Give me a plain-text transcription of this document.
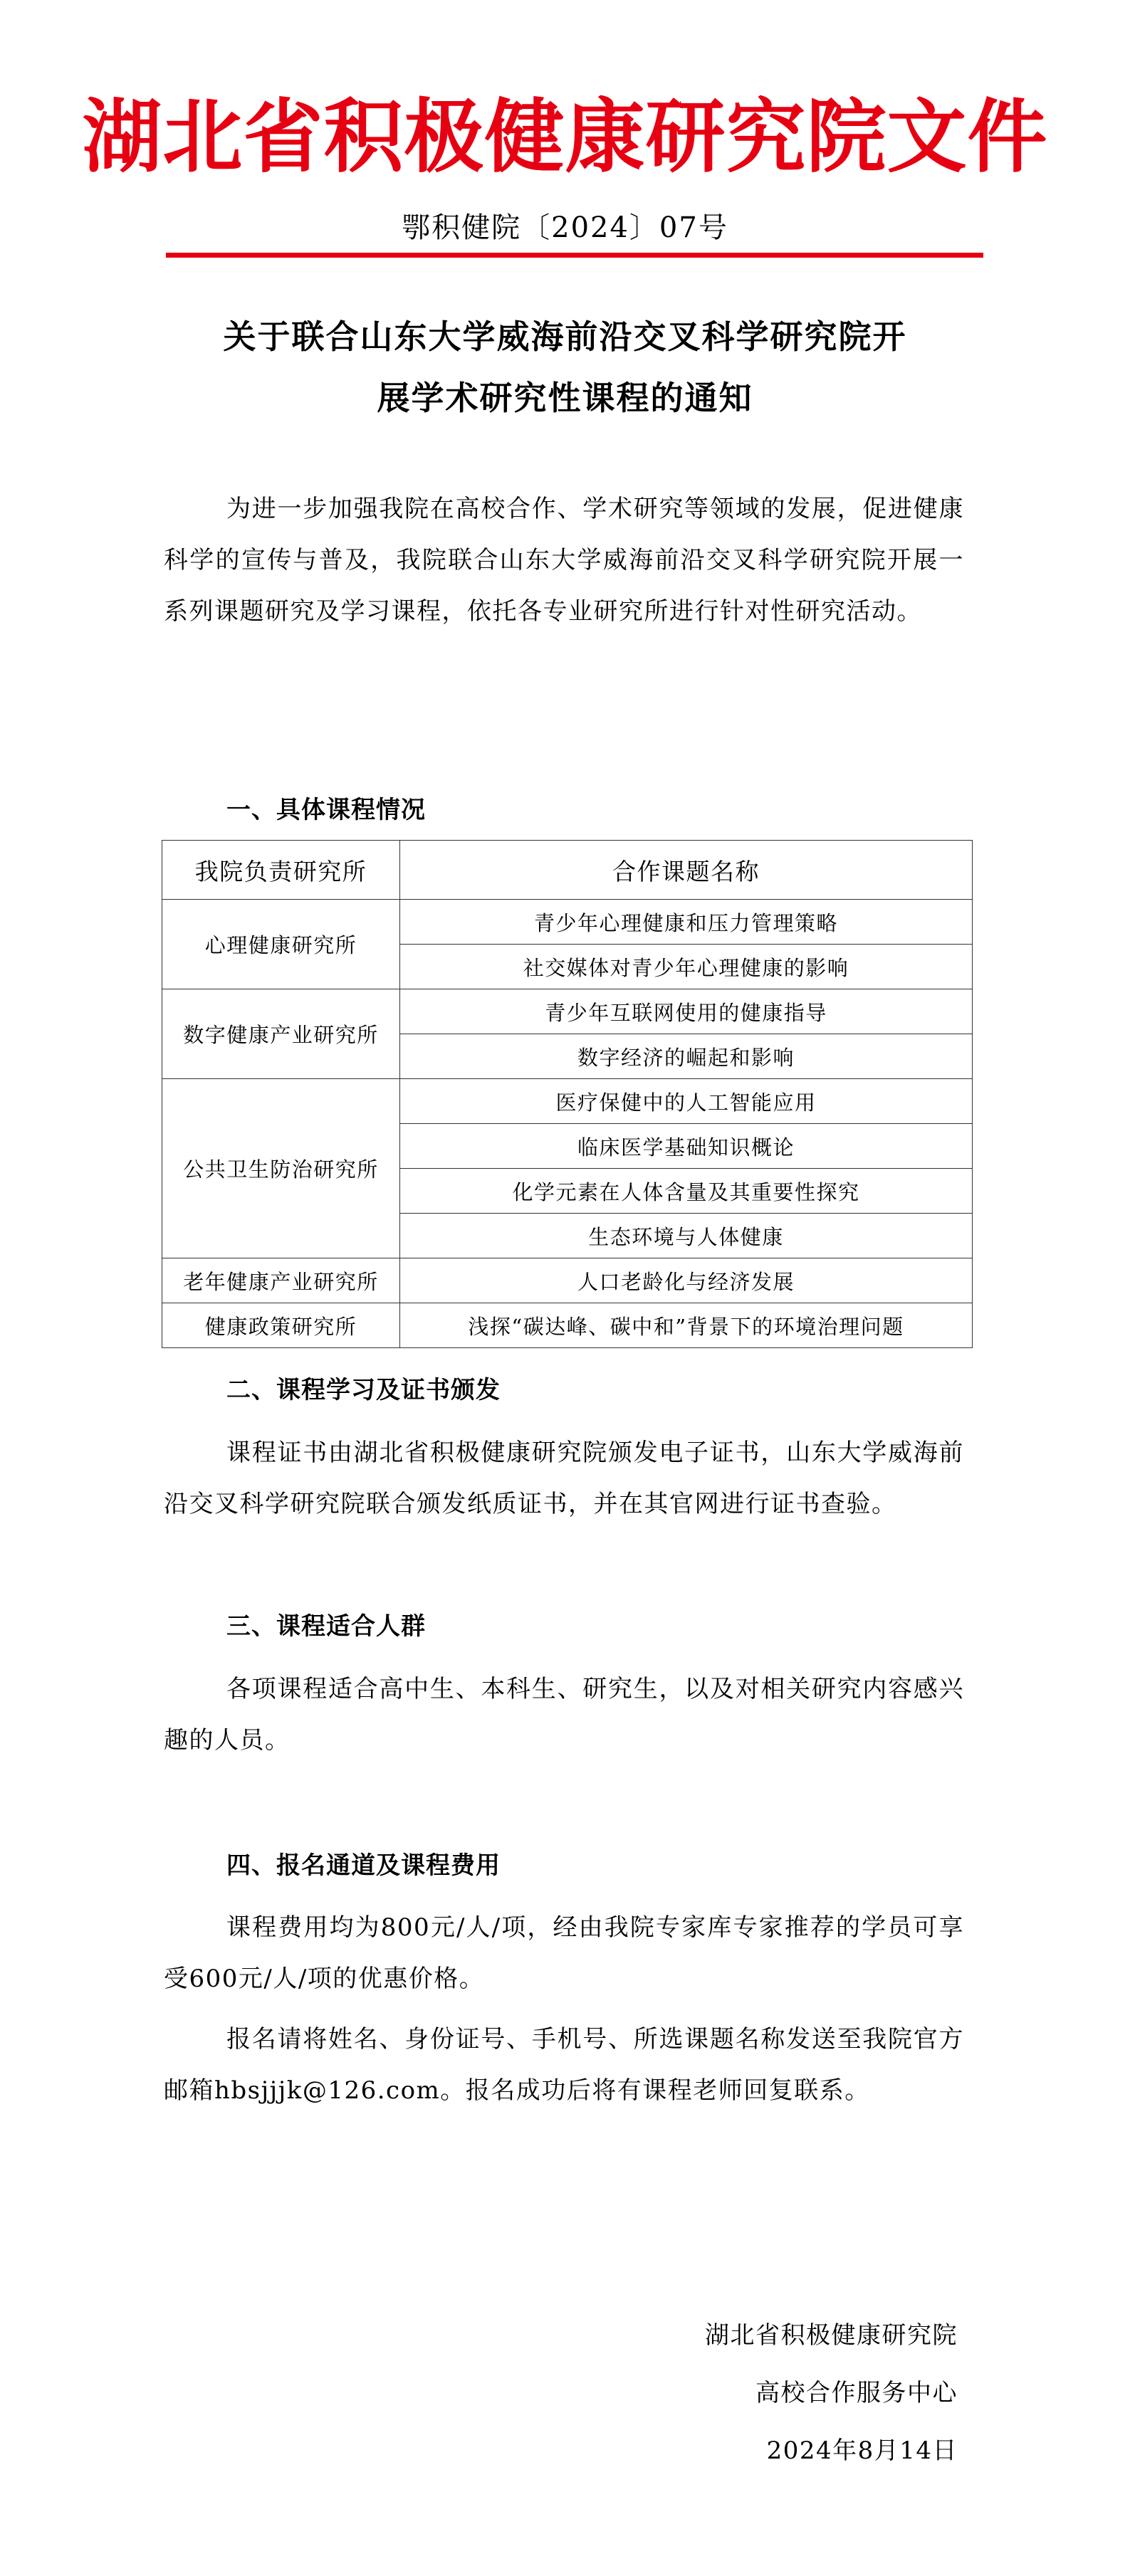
湖北省积极健康研究院文件
鄂积健院〔2024〕07号
关于联合山东大学威海前沿交叉科学研究院开
展学术研究性课程的通知
为进一步加强我院在高校合作、学术研究等领域的发展，促进健康科学的宣传与普及，我院联合山东大学威海前沿交叉科学研究院开展一系列课题研究及学习课程，依托各专业研究所进行针对性研究活动。
一、具体课程情况
我院负责研究所	合作课题名称
心理健康研究所	青少年心理健康和压力管理策略
	社交媒体对青少年心理健康的影响
数字健康产业研究所	青少年互联网使用的健康指导
	数字经济的崛起和影响
公共卫生防治研究所	医疗保健中的人工智能应用
	临床医学基础知识概论
	化学元素在人体含量及其重要性探究
	生态环境与人体健康
老年健康产业研究所	人口老龄化与经济发展
健康政策研究所	浅探“碳达峰、碳中和”背景下的环境治理问题
二、课程学习及证书颁发
课程证书由湖北省积极健康研究院颁发电子证书，山东大学威海前沿交叉科学研究院联合颁发纸质证书，并在其官网进行证书查验。
三、课程适合人群
各项课程适合高中生、本科生、研究生，以及对相关研究内容感兴趣的人员。
四、报名通道及课程费用
课程费用均为800元/人/项，经由我院专家库专家推荐的学员可享受600元/人/项的优惠价格。
报名请将姓名、身份证号、手机号、所选课题名称发送至我院官方邮箱hbsjjjk@126.com。报名成功后将有课程老师回复联系。
湖北省积极健康研究院
高校合作服务中心
2024年8月14日
